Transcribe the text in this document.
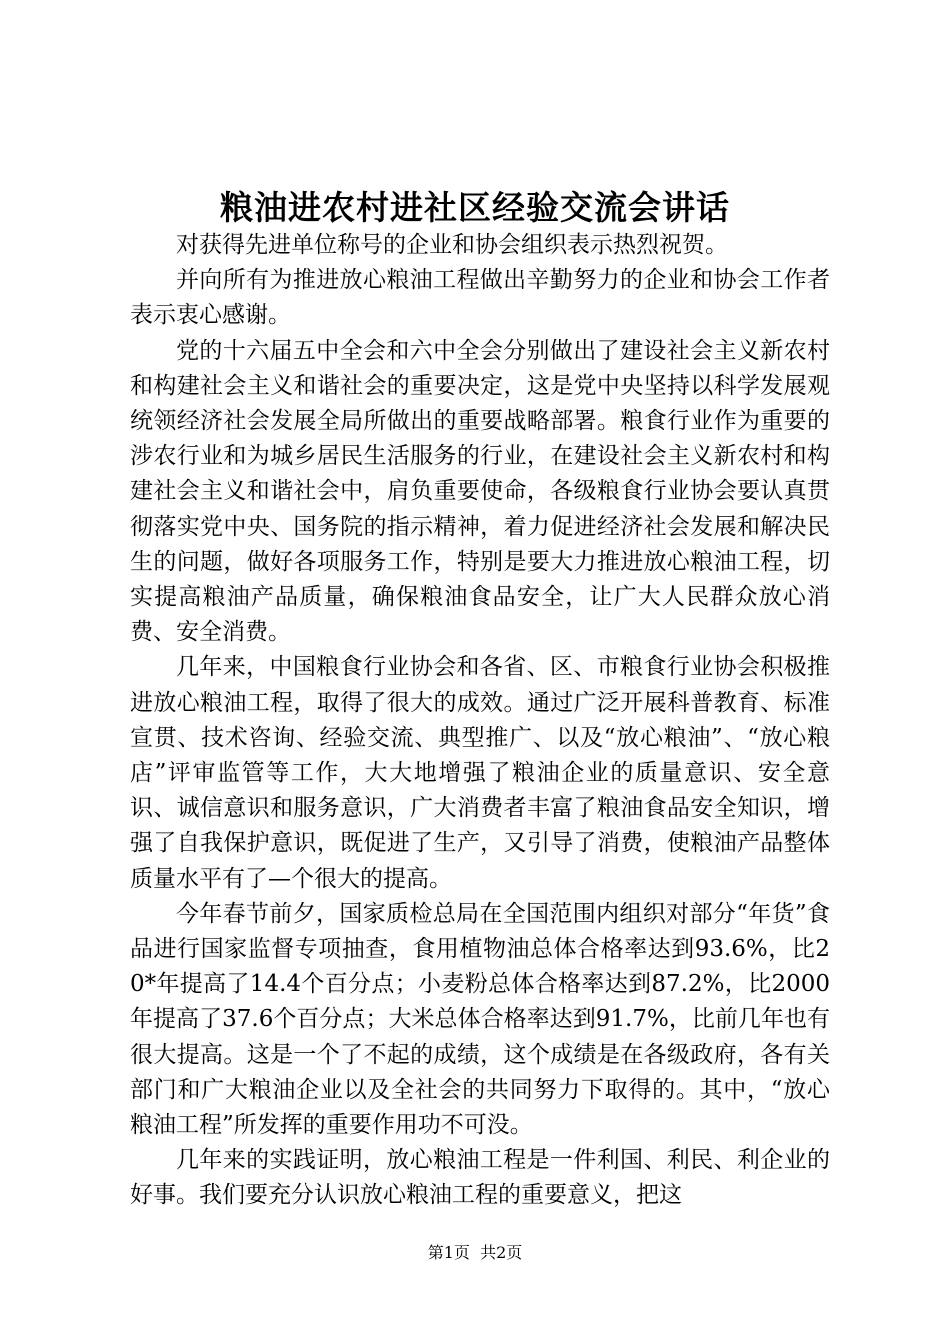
粮油进农村进社区经验交流会讲话

对获得先进单位称号的企业和协会组织表示热烈祝贺。

并向所有为推进放心粮油工程做出辛勤努力的企业和协会工作者表示衷心感谢。

党的十六届五中全会和六中全会分别做出了建设社会主义新农村和构建社会主义和谐社会的重要决定，这是党中央坚持以科学发展观统领经济社会发展全局所做出的重要战略部署。粮食行业作为重要的涉农行业和为城乡居民生活服务的行业，在建设社会主义新农村和构建社会主义和谐社会中，肩负重要使命，各级粮食行业协会要认真贯彻落实党中央、国务院的指示精神，着力促进经济社会发展和解决民生的问题，做好各项服务工作，特别是要大力推进放心粮油工程，切实提高粮油产品质量，确保粮油食品安全，让广大人民群众放心消费、安全消费。

几年来，中国粮食行业协会和各省、区、市粮食行业协会积极推进放心粮油工程，取得了很大的成效。通过广泛开展科普教育、标准宣贯、技术咨询、经验交流、典型推广、以及“放心粮油”、“放心粮店”评审监管等工作，大大地增强了粮油企业的质量意识、安全意识、诚信意识和服务意识，广大消费者丰富了粮油食品安全知识，增强了自我保护意识，既促进了生产，又引导了消费，使粮油产品整体质量水平有了—个很大的提高。

今年春节前夕，国家质检总局在全国范围内组织对部分“年货”食品进行国家监督专项抽查，食用植物油总体合格率达到93.6%，比20*年提高了14.4个百分点；小麦粉总体合格率达到87.2%，比2000年提高了37.6个百分点；大米总体合格率达到91.7%，比前几年也有很大提高。这是一个了不起的成绩，这个成绩是在各级政府，各有关部门和广大粮油企业以及全社会的共同努力下取得的。其中，“放心粮油工程”所发挥的重要作用功不可没。

几年来的实践证明，放心粮油工程是一件利国、利民、利企业的好事。我们要充分认识放心粮油工程的重要意义，把这

第1页  共2页
